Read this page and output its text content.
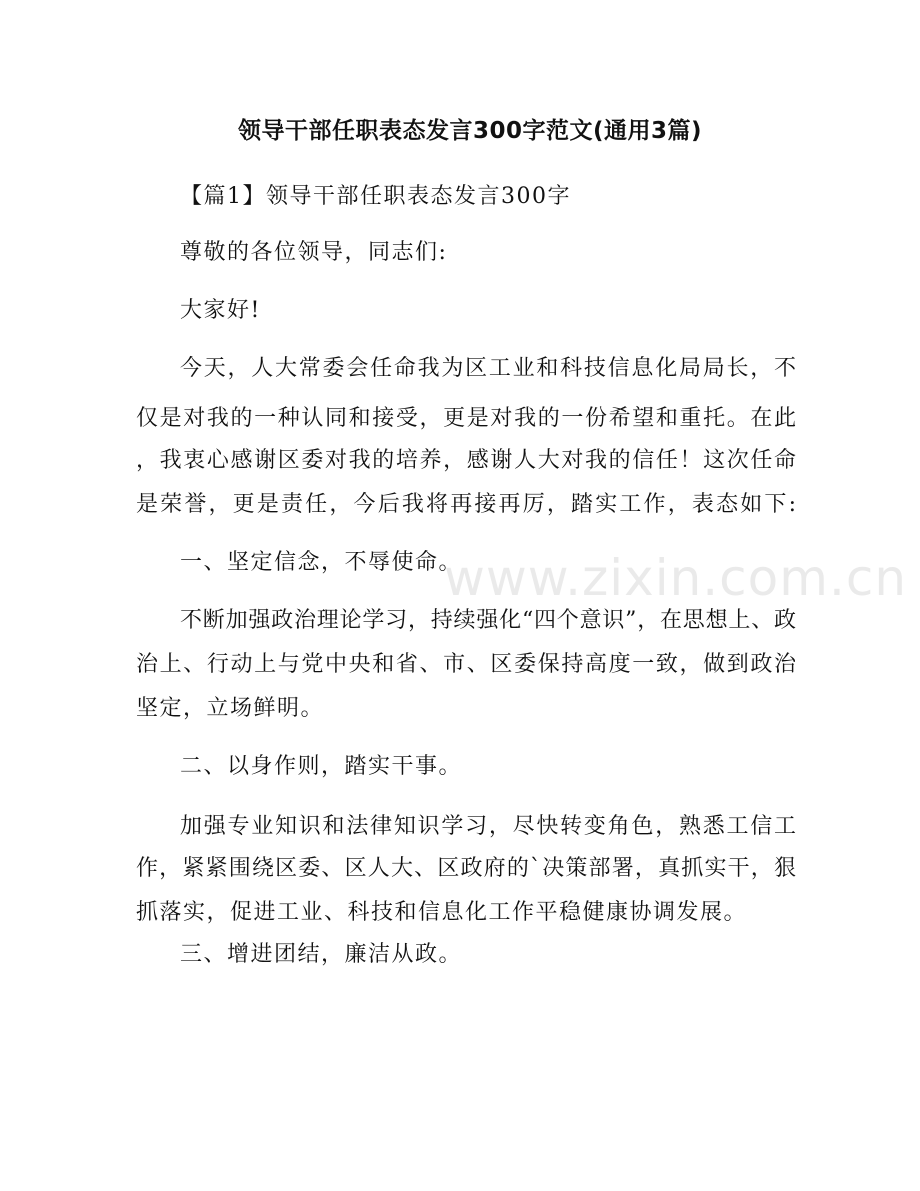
领导干部任职表态发言300字范文(通用3篇)
【篇1】领导干部任职表态发言300字
尊敬的各位领导，同志们:
大家好!
今天，人大常委会任命我为区工业和科技信息化局局长，不
仅是对我的一种认同和接受，更是对我的一份希望和重托。在此
，我衷心感谢区委对我的培养，感谢人大对我的信任！这次任命
是荣誉，更是责任，今后我将再接再厉，踏实工作，表态如下:
一、坚定信念，不辱使命。
不断加强政治理论学习，持续强化“四个意识”，在思想上、政
治上、行动上与党中央和省、市、区委保持高度一致，做到政治
坚定，立场鲜明。
二、以身作则，踏实干事。
加强专业知识和法律知识学习，尽快转变角色，熟悉工信工
作，紧紧围绕区委、区人大、区政府的`决策部署，真抓实干，狠
抓落实，促进工业、科技和信息化工作平稳健康协调发展。
三、增进团结，廉洁从政。
www.zixin.com.cn
